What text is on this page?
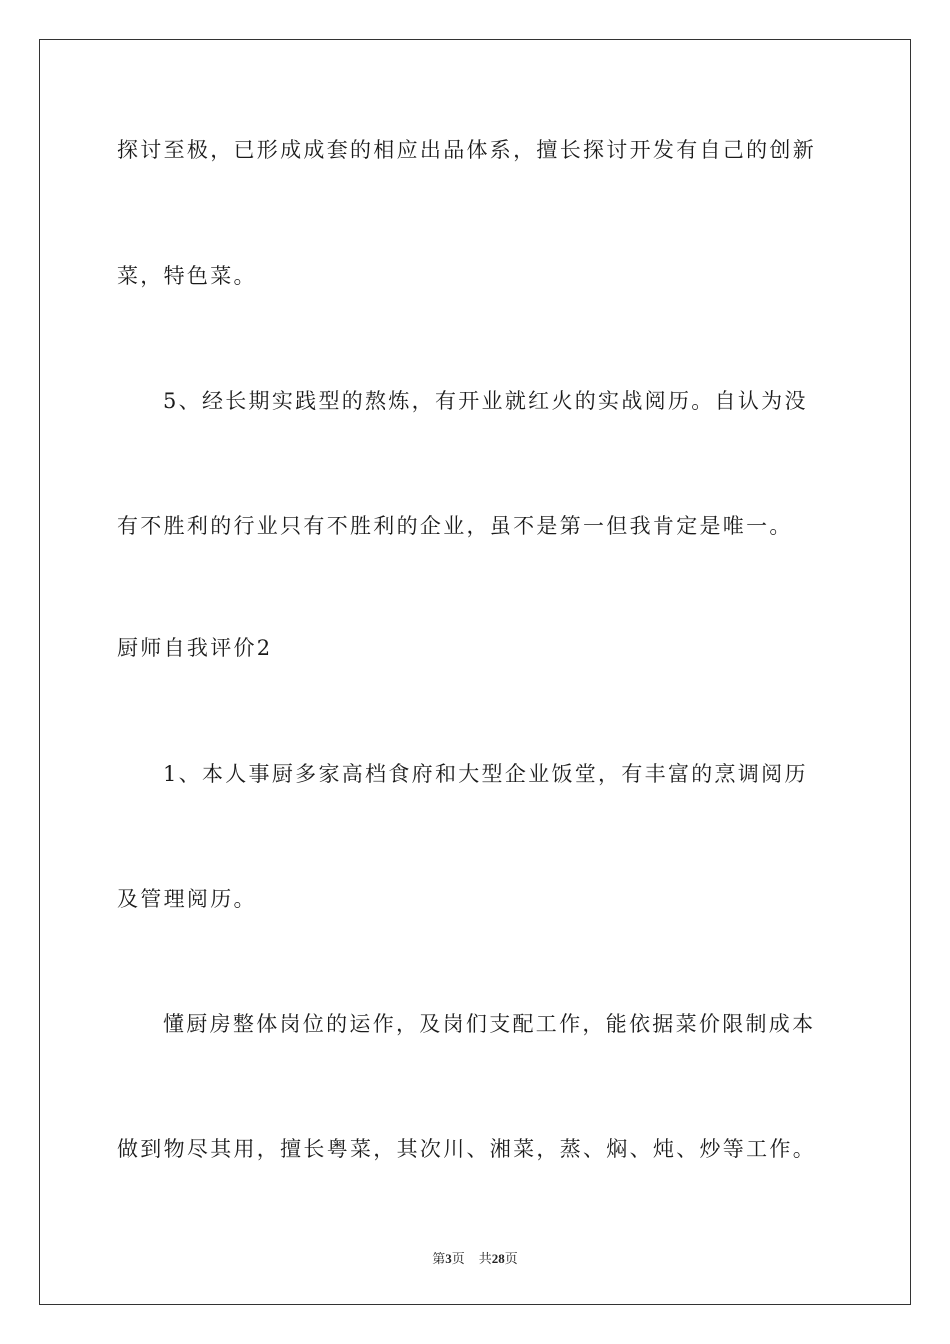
探讨至极，已形成成套的相应出品体系，擅长探讨开发有自己的创新
菜，特色菜。
5、经长期实践型的熬炼，有开业就红火的实战阅历。自认为没
有不胜利的行业只有不胜利的企业，虽不是第一但我肯定是唯一。
厨师自我评价2
1、本人事厨多家高档食府和大型企业饭堂，有丰富的烹调阅历
及管理阅历。
懂厨房整体岗位的运作，及岗们支配工作，能依据菜价限制成本
做到物尽其用，擅长粤菜，其次川、湘菜，蒸、焖、炖、炒等工作。
第3页 共28页
